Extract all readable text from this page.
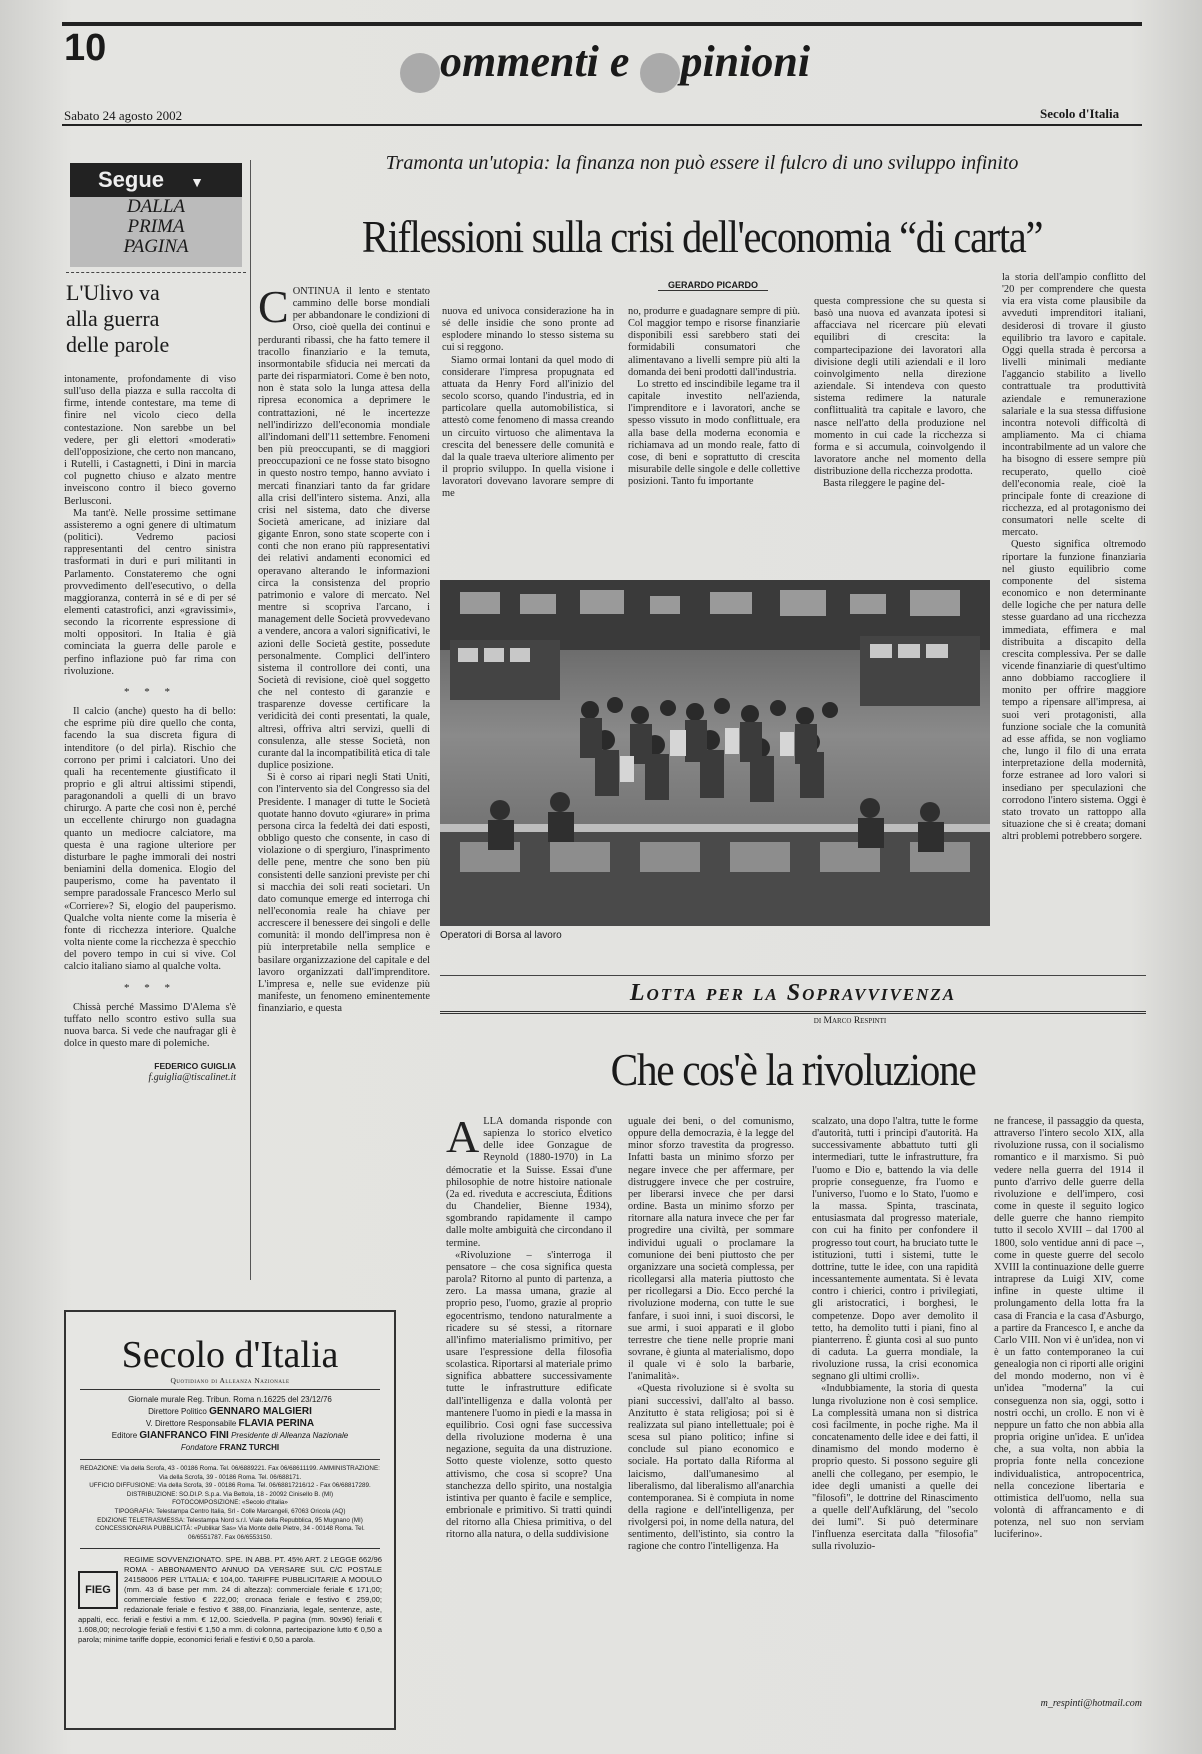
10
C ommenti e O pinioni
Sabato 24 agosto 2002	Secolo d'Italia
Segue ▼
DALLA
PRIMA
PAGINA
L'Ulivo va
alla guerra
delle parole

intonamente, profondamente di viso sull'uso della piazza e sulla raccolta di firme, intende contestare, ma teme di finire nel vicolo cieco della contestazione. Non sarebbe un bel vedere, per gli elettori «moderati» dell'opposizione, che certo non mancano, i Rutelli, i Castagnetti, i Dini in marcia col pugnetto chiuso e alzato mentre inveiscono contro il bieco governo Berlusconi.

Ma tant'è. Nelle prossime settimane assisteremo a ogni genere di ultimatum (politici). Vedremo paciosi rappresentanti del centro sinistra trasformati in duri e puri militanti in Parlamento. Constateremo che ogni provvedimento dell'esecutivo, o della maggioranza, conterrà in sé e di per sé elementi catastrofici, anzi «gravissimi», secondo la ricorrente espressione di molti oppositori. In Italia è già cominciata la guerra delle parole e perfino inflazione può far rima con rivoluzione.

* * *

Il calcio (anche) questo ha di bello: che esprime più dire quello che conta, facendo la sua discreta figura di intenditore (o del pirla). Rischio che corrono per primi i calciatori. Uno dei quali ha recentemente giustificato il proprio e gli altrui altissimi stipendi, paragonandoli a quelli di un bravo chirurgo. A parte che così non è, perché un eccellente chirurgo non guadagna quanto un mediocre calciatore, ma questa è una ragione ulteriore per disturbare le paghe immorali dei nostri beniamini della domenica. Elogio del pauperismo, come ha paventato il sempre paradossale Francesco Merlo sul «Corriere»? Sì, elogio del pauperismo. Qualche volta niente come la miseria è fonte di ricchezza interiore. Qualche volta niente come la ricchezza è specchio del povero tempo in cui si vive. Col calcio italiano siamo al qualche volta.

* * *

Chissà perché Massimo D'Alema s'è tuffato nello scontro estivo sulla sua nuova barca. Si vede che naufragar gli è dolce in questo mare di polemiche.

FEDERICO GUIGLIA
f.guiglia@tiscalinet.it
Secolo d'Italia
Quotidiano di Alleanza Nazionale
Giornale murale Reg. Tribun. Roma n.16225 del 23/12/76
Direttore Politico GENNARO MALGIERI
V. Direttore Responsabile FLAVIA PERINA
Editore GIANFRANCO FINI Presidente di Alleanza Nazionale
Fondatore FRANZ TURCHI
REDAZIONE: Via della Scrofa, 43 - 00186 Roma. Tel. 06/6889221. Fax 06/68611199. AMMINISTRAZIONE: Via della Scrofa, 39 - 00186 Roma. Tel. 06/688171.
UFFICIO DIFFUSIONE: Via della Scrofa, 39 - 00186 Roma. Tel. 06/68817216/12 - Fax 06/68817289.
DISTRIBUZIONE: SO.DI.P. S.p.a. Via Bettola, 18 - 20092 Cinisello B. (MI)
FOTOCOMPOSIZIONE: «Secolo d'Italia»
TIPOGRAFIA: Telestampa Centro Italia, Srl - Colle Marcangeli, 67063 Oricola (AQ)
EDIZIONE TELETRASMESSA: Telestampa Nord s.r.l. Viale della Repubblica, 95 Mugnano (MI)
CONCESSIONARIA PUBBLICITÀ: «Publikar Sas» Via Monte delle Pietre, 34 - 00148 Roma. Tel. 06/6551787. Fax 06/6553150.
FIEG
REGIME SOVVENZIONATO. SPE. IN ABB. PT. 45% ART. 2 LEGGE 662/96 ROMA - ABBONAMENTO ANNUO DA VERSARE SUL C/C POSTALE 24158006 PER L'ITALIA: € 104,00. TARIFFE PUBBLICITARIE A MODULO (mm. 43 di base per mm. 24 di altezza): commerciale feriale € 171,00; commerciale festivo € 222,00; cronaca feriale e festivo € 259,00; redazionale feriale e festivo € 388,00. Finanziaria, legale, sentenze, aste, appalti, ecc. feriali e festivi a mm. € 12,00. Sciedvella. P pagina (mm. 90x96) feriali € 1.608,00; necrologie feriali e festivi € 1,50 a mm. di colonna, partecipazione lutto € 0,50 a parola; minime tariffe doppie, economici feriali e festivi € 0,50 a parola.
Tramonta un'utopia: la finanza non può essere il fulcro di uno sviluppo infinito
Riflessioni sulla crisi dell'economia “di carta”
GERARDO PICARDO
C ONTINUA il lento e stentato cammino delle borse mondiali per abbandonare le condizioni di Orso, cioè quella dei continui e perduranti ribassi, che ha fatto temere il tracollo finanziario e la temuta, insormontabile sfiducia nei mercati da parte dei risparmiatori. Come è ben noto, non è stata solo la lunga attesa della ripresa economica a deprimere le contrattazioni, né le incertezze nell'indirizzo dell'economia mondiale all'indomani dell'11 settembre. Fenomeni ben più preoccupanti, se di maggiori preoccupazioni ce ne fosse stato bisogno in questo nostro tempo, hanno avviato i mercati finanziari tanto da far gridare alla crisi dell'intero sistema. Anzi, alla crisi nel sistema, dato che diverse Società americane, ad iniziare dal gigante Enron, sono state scoperte con i conti che non erano più rappresentativi dei relativi andamenti economici ed operavano alterando le informazioni circa la consistenza del proprio patrimonio e valore di mercato. Nel mentre si scopriva l'arcano, i management delle Società provvedevano a vendere, ancora a valori significativi, le azioni delle Società gestite, possedute personalmente. Complici dell'intero sistema il controllore dei conti, una Società di revisione, cioè quel soggetto che nel contesto di garanzie e trasparenze dovesse certificare la veridicità dei conti presentati, la quale, altresì, offriva altri servizi, quelli di consulenza, alle stesse Società, non curante dal la incompatibilità etica di tale duplice posizione.

Si è corso ai ripari negli Stati Uniti, con l'intervento sia del Congresso sia del Presidente. I manager di tutte le Società quotate hanno dovuto «giurare» in prima persona circa la fedeltà dei dati esposti, obbligo questo che consente, in caso di violazione o di spergiuro, l'inasprimento delle pene, mentre che sono ben più consistenti delle sanzioni previste per chi si macchia dei soli reati societari. Un dato comunque emerge ed interroga chi nell'economia reale ha chiave per accrescere il benessere dei singoli e delle comunità: il mondo dell'impresa non è più interpretabile nella semplice e basilare organizzazione del capitale e del lavoro organizzati dall'imprenditore. L'impresa e, nelle sue evidenze più manifeste, un fenomeno eminentemente finanziario, e questa

nuova ed univoca considerazione ha in sé delle insidie che sono pronte ad esplodere minando lo stesso sistema su cui si reggono.

Siamo ormai lontani da quel modo di considerare l'impresa propugnata ed attuata da Henry Ford all'inizio del secolo scorso, quando l'industria, ed in particolare quella automobilistica, si attestò come fenomeno di massa creando un circuito virtuoso che alimentava la crescita del benessere delle comunità e dal la quale traeva ulteriore alimento per il proprio sviluppo. In quella visione i lavoratori dovevano lavorare sempre di me

no, produrre e guadagnare sempre di più. Col maggior tempo e risorse finanziarie disponibili essi sarebbero stati dei formidabili consumatori che alimentavano a livelli sempre più alti la domanda dei beni prodotti dall'industria.

Lo stretto ed inscindibile legame tra il capitale investito nell'azienda, l'imprenditore e i lavoratori, anche se spesso vissuto in modo conflittuale, era alla base della moderna economia e richiamava ad un mondo reale, fatto di cose, di beni e soprattutto di crescita misurabile delle singole e delle collettive posizioni. Tanto fu importante

questa compressione che su questa si basò una nuova ed avanzata ipotesi si affacciava nel ricercare più elevati equilibri di crescita: la compartecipazione dei lavoratori alla divisione degli utili aziendali e il loro coinvolgimento nella direzione aziendale. Si intendeva con questo sistema redimere la naturale conflittualità tra capitale e lavoro, che nasce nell'atto della produzione nel momento in cui cade la ricchezza si forma e si accumula, coinvolgendo il lavoratore anche nel momento della distribuzione della ricchezza prodotta.

Basta rileggere le pagine del-

la storia dell'ampio conflitto del '20 per comprendere che questa via era vista come plausibile da avveduti imprenditori italiani, desiderosi di trovare il giusto equilibrio tra lavoro e capitale. Oggi quella strada è percorsa a livelli minimali mediante l'aggancio stabilito a livello contrattuale tra produttività aziendale e remunerazione salariale e la sua stessa diffusione incontra notevoli difficoltà di ampliamento. Ma ci chiama incontrabilmente ad un valore che ha bisogno di essere sempre più recuperato, quello cioè dell'economia reale, cioè la principale fonte di creazione di ricchezza, ed al protagonismo dei consumatori nelle scelte di mercato.

Questo significa oltremodo riportare la funzione finanziaria nel giusto equilibrio come componente del sistema economico e non determinante delle logiche che per natura delle stesse guardano ad una ricchezza immediata, effimera e mal distribuita a discapito della crescita complessiva. Per se dalle vicende finanziarie di quest'ultimo anno dobbiamo raccogliere il monito per offrire maggiore tempo a ripensare all'impresa, ai suoi veri protagonisti, alla funzione sociale che la comunità ad esse affida, se non vogliamo che, lungo il filo di una errata interpretazione della modernità, forze estranee ad loro valori si insediano per speculazioni che corrodono l'intero sistema. Oggi è stato trovato un rattoppo alla situazione che si è creata; domani altri problemi potrebbero sorgere.

Operatori di Borsa al lavoro
Lotta per la Sopravvivenza
di Marco Respinti
Che cos'è la rivoluzione
A LLA domanda risponde con sapienza lo storico elvetico delle idee Gonzague de Reynold (1880-1970) in La démocratie et la Suisse. Essai d'une philosophie de notre histoire nationale (2a ed. riveduta e accresciuta, Éditions du Chandelier, Bienne 1934), sgombrando rapidamente il campo dalle molte ambiguità che circondano il termine.

«Rivoluzione – s'interroga il pensatore – che cosa significa questa parola? Ritorno al punto di partenza, a zero. La massa umana, grazie al proprio peso, l'uomo, grazie al proprio egocentrismo, tendono naturalmente a ricadere su sé stessi, a ritornare all'infimo materialismo primitivo, per usare l'espressione della filosofia scolastica. Riportarsi al materiale primo significa abbattere successivamente tutte le infrastrutture edificate dall'intelligenza e dalla volontà per mantenere l'uomo in piedi e la massa in equilibrio. Così ogni fase successiva della rivoluzione moderna è una negazione, seguita da una distruzione. Sotto queste violenze, sotto questo attivismo, che cosa si scopre? Una stanchezza dello spirito, una nostalgia istintiva per quanto è facile e semplice, embrionale e primitivo. Si tratti quindi del ritorno alla Chiesa primitiva, o del ritorno alla natura, o della suddivisione

uguale dei beni, o del comunismo, oppure della democrazia, è la legge del minor sforzo travestita da progresso. Infatti basta un minimo sforzo per negare invece che per affermare, per distruggere invece che per costruire, per liberarsi invece che per darsi ordine. Basta un minimo sforzo per ritornare alla natura invece che per far progredire una civiltà, per sommare individui uguali o proclamare la comunione dei beni piuttosto che per organizzare una società complessa, per ricollegarsi alla materia piuttosto che per ricollegarsi a Dio. Ecco perché la rivoluzione moderna, con tutte le sue fanfare, i suoi inni, i suoi discorsi, le sue armi, i suoi apparati e il globo terrestre che tiene nelle proprie mani sovrane, è giunta al materialismo, dopo il quale vi è solo la barbarie, l'animalità».

«Questa rivoluzione si è svolta su piani successivi, dall'alto al basso. Anzitutto è stata religiosa; poi si è realizzata sul piano intellettuale; poi è scesa sul piano politico; infine si conclude sul piano economico e sociale. Ha portato dalla Riforma al laicismo, dall'umanesimo al liberalismo, dal liberalismo all'anarchia contemporanea. Si è compiuta in nome della ragione e dell'intelligenza, per rivolgersi poi, in nome della natura, del sentimento, dell'istinto, sia contro la ragione che contro l'intelligenza. Ha

scalzato, una dopo l'altra, tutte le forme d'autorità, tutti i principi d'autorità. Ha successivamente abbattuto tutti gli intermediari, tutte le infrastrutture, fra l'uomo e Dio e, battendo la via delle proprie conseguenze, fra l'uomo e l'universo, l'uomo e lo Stato, l'uomo e la massa. Spinta, trascinata, entusiasmata dal progresso materiale, con cui ha finito per confondere il progresso tout court, ha bruciato tutte le istituzioni, tutti i sistemi, tutte le dottrine, tutte le idee, con una rapidità incessantemente aumentata. Si è levata contro i chierici, contro i privilegiati, gli aristocratici, i borghesi, le competenze. Dopo aver demolito il tetto, ha demolito tutti i piani, fino al pianterreno. È giunta così al suo punto di caduta. La guerra mondiale, la rivoluzione russa, la crisi economica segnano gli ultimi crolli».

«Indubbiamente, la storia di questa lunga rivoluzione non è così semplice. La complessità umana non si districa così facilmente, in poche righe. Ma il concatenamento delle idee e dei fatti, il dinamismo del mondo moderno è proprio questo. Si possono seguire gli anelli che collegano, per esempio, le idee degli umanisti a quelle dei "filosofi", le dottrine del Rinascimento a quelle dell'Aufklärung, del "secolo dei lumi". Si può determinare l'influenza esercitata dalla "filosofia" sulla rivoluzio-

ne francese, il passaggio da questa, attraverso l'intero secolo XIX, alla rivoluzione russa, con il socialismo romantico e il marxismo. Si può vedere nella guerra del 1914 il punto d'arrivo delle guerre della rivoluzione e dell'impero, così come in queste il seguito logico delle guerre che hanno riempito tutto il secolo XVIII – dal 1700 al 1800, solo ventidue anni di pace –, come in queste guerre del secolo XVIII la continuazione delle guerre intraprese da Luigi XIV, come infine in queste ultime il prolungamento della lotta fra la casa di Francia e la casa d'Asburgo, a partire da Francesco I, e anche da Carlo VIII. Non vi è un'idea, non vi è un fatto contemporaneo la cui genealogia non ci riporti alle origini del mondo moderno, non vi è un'idea "moderna" la cui conseguenza non sia, oggi, sotto i nostri occhi, un crollo. E non vi è neppure un fatto che non abbia alla propria origine un'idea. E un'idea che, a sua volta, non abbia la propria fonte nella concezione individualistica, antropocentrica, nella concezione libertaria e ottimistica dell'uomo, nella sua volontà di affrancamento e di potenza, nel suo non serviam luciferino».

m_respinti@hotmail.com
